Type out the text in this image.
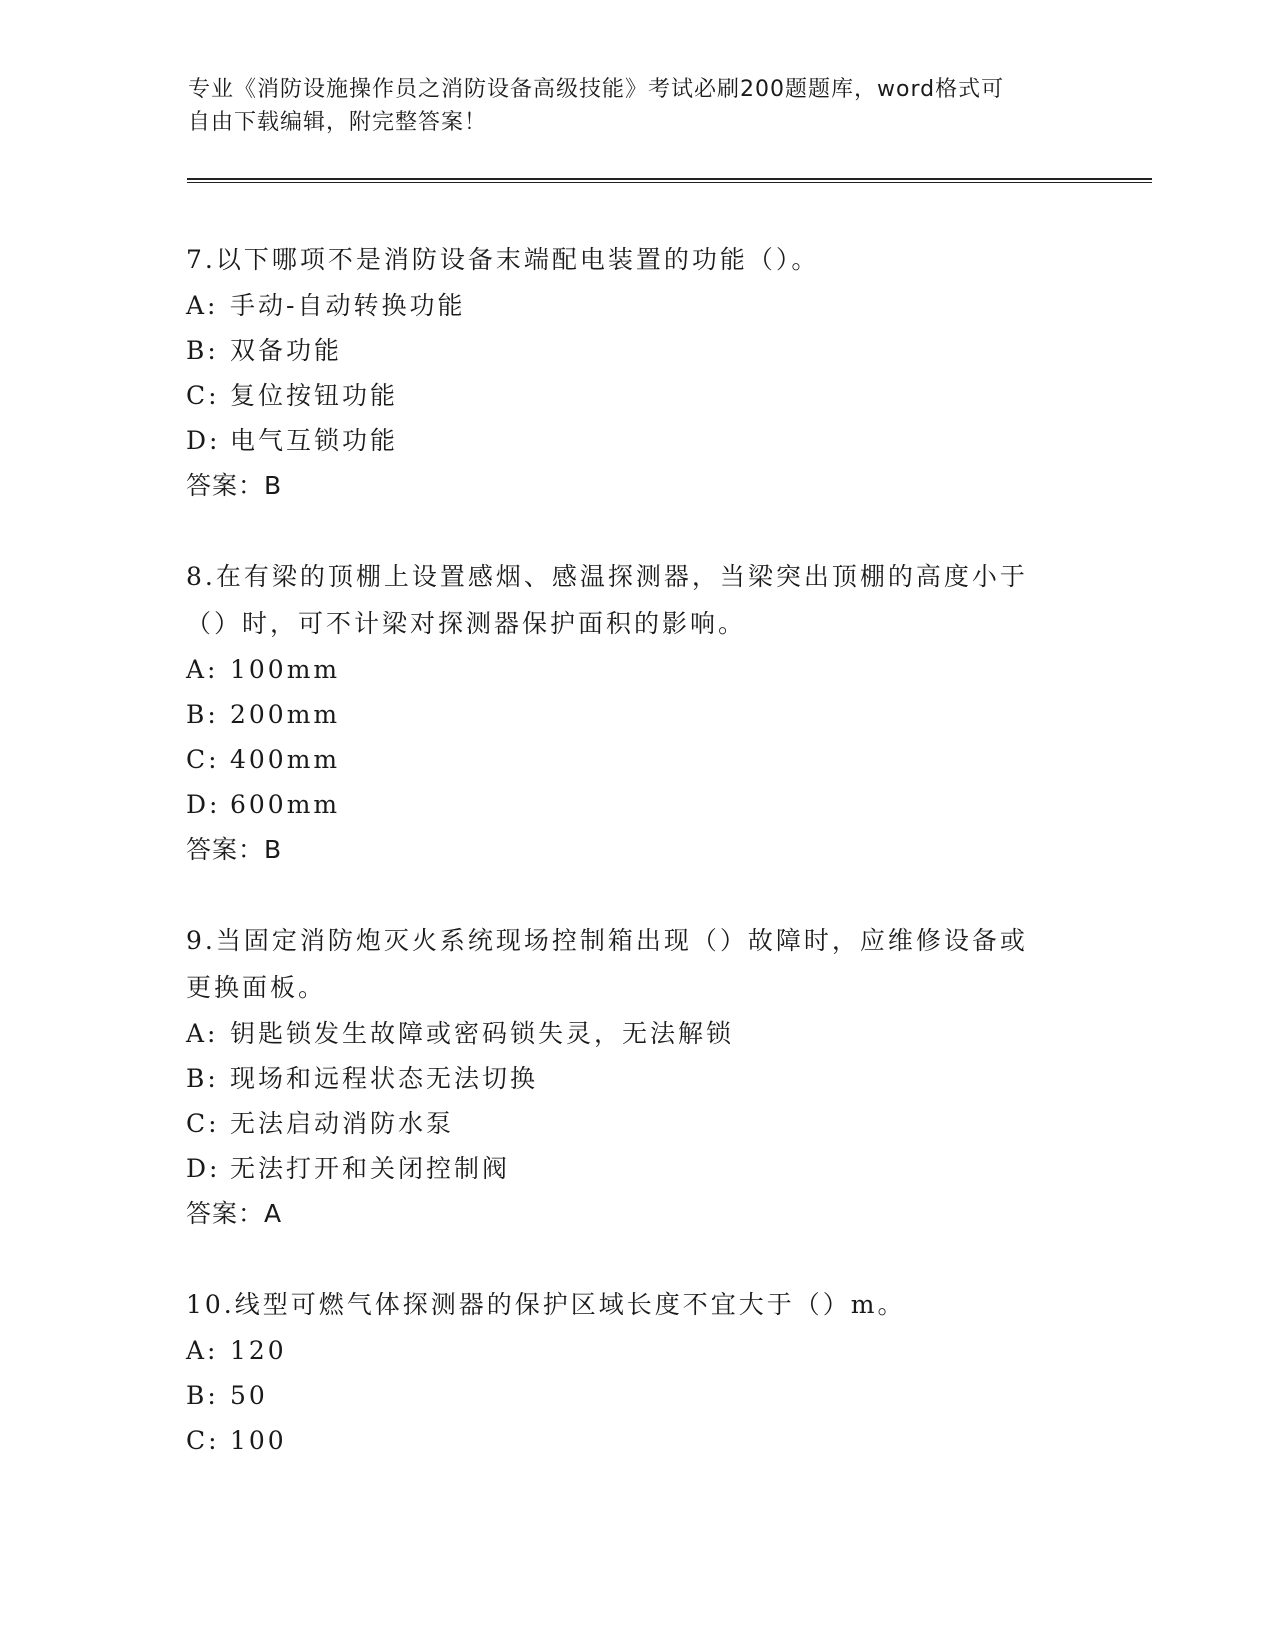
专业《消防设施操作员之消防设备高级技能》考试必刷200题题库，word格式可
自由下载编辑，附完整答案！
7.以下哪项不是消防设备末端配电装置的功能（）。
A: 手动-自动转换功能
B: 双备功能
C: 复位按钮功能
D: 电气互锁功能
答案：B
8.在有梁的顶棚上设置感烟、感温探测器，当梁突出顶棚的高度小于
（）时，可不计梁对探测器保护面积的影响。
A: 100mm
B: 200mm
C: 400mm
D: 600mm
答案：B
9.当固定消防炮灭火系统现场控制箱出现（）故障时，应维修设备或
更换面板。
A: 钥匙锁发生故障或密码锁失灵，无法解锁
B: 现场和远程状态无法切换
C: 无法启动消防水泵
D: 无法打开和关闭控制阀
答案：A
10.线型可燃气体探测器的保护区域长度不宜大于（）m。
A: 120
B: 50
C: 100
